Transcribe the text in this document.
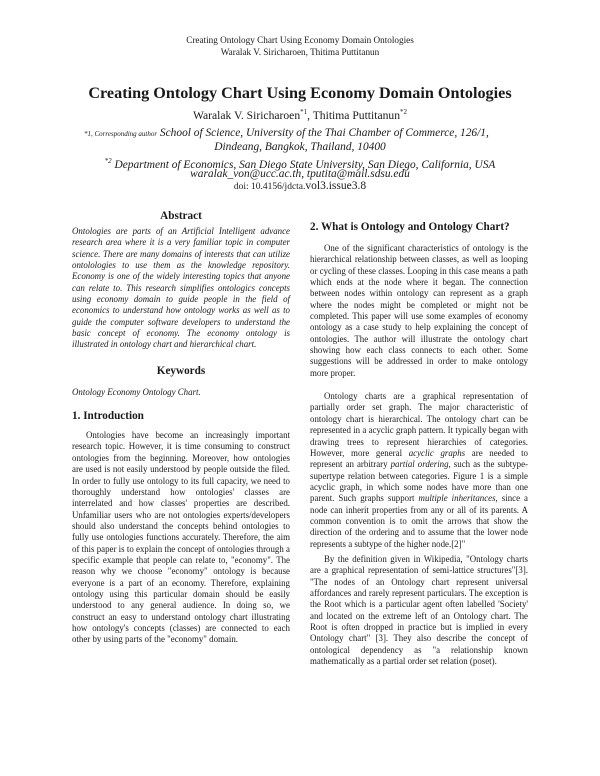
Creating Ontology Chart Using Economy Domain Ontologies
Waralak V. Siricharoen, Thitima Puttitanun
Creating Ontology Chart Using Economy Domain Ontologies
Waralak V. Siricharoen$^{*1}$, Thitima Puttitanun$^{*2}$
*1, Corresponding author School of Science, University of the Thai Chamber of Commerce, 126/1,
Dindeang, Bangkok, Thailand, 10400
$^{*2}$ Department of Economics, San Diego State University, San Diego, California, USA
waralak_von@ucc.ac.th, tputita@mail.sdsu.edu
doi: 10.4156/jdcta.vol3.issue3.8
Abstract

Ontologies are parts of an Artificial Intelligent advance research area where it is a very familiar topic in computer science. There are many domains of interests that can utilize ontolologies to use them as the knowledge repository. Economy is one of the widely interesting topics that anyone can relate to. This research simplifies ontologics concepts using economy domain to guide people in the field of economics to understand how ontology works as well as to guide the computer software developers to understand the basic concept of economy. The economy ontology is illustrated in ontology chart and hierarchical chart.

Keywords

Ontology Economy Ontology Chart.

1. Introduction

Ontologies have become an increasingly important research topic. However, it is time consuming to construct ontologies from the beginning. Moreover, how ontologies are used is not easily understood by people outside the filed. In order to fully use ontology to its full capacity, we need to thoroughly understand how ontologies' classes are interrelated and how classes' properties are described. Unfamiliar users who are not ontologies experts/developers should also understand the concepts behind ontologies to fully use ontologies functions accurately. Therefore, the aim of this paper is to explain the concept of ontologies through a specific example that people can relate to, "economy". The reason why we choose "economy" ontology is because everyone is a part of an economy. Therefore, explaining ontology using this particular domain should be easily understood to any general audience. In doing so, we construct an easy to understand ontology chart illustrating how ontology's concepts (classes) are connected to each other by using parts of the "economy" domain.

2. What is Ontology and Ontology Chart?

One of the significant characteristics of ontology is the hierarchical relationship between classes, as well as looping or cycling of these classes. Looping in this case means a path which ends at the node where it began. The connection between nodes within ontology can represent as a graph where the nodes might be completed or might not be completed. This paper will use some examples of economy ontology as a case study to help explaining the concept of ontologies. The author will illustrate the ontology chart showing how each class connects to each other. Some suggestions will be addressed in order to make ontology more proper.

Ontology charts are a graphical representation of partially order set graph. The major characteristic of ontology chart is hierarchical. The ontology chart can be represented in a acyclic graph pattern. It typically began with drawing trees to represent hierarchies of categories. However, more general acyclic graphs are needed to represent an arbitrary partial ordering, such as the subtype-supertype relation between categories. Figure 1 is a simple acyclic graph, in which some nodes have more than one parent. Such graphs support multiple inheritances, since a node can inherit properties from any or all of its parents. A common convention is to omit the arrows that show the direction of the ordering and to assume that the lower node represents a subtype of the higher node.[2]"

By the definition given in Wikipedia, "Ontology charts are a graphical representation of semi-lattice structures"[3]. "The nodes of an Ontology chart represent universal affordances and rarely represent particulars. The exception is the Root which is a particular agent often labelled 'Society' and located on the extreme left of an Ontology chart. The Root is often dropped in practice but is implied in every Ontology chart" [3]. They also describe the concept of ontological dependency as "a relationship known mathematically as a partial order set relation (poset).
